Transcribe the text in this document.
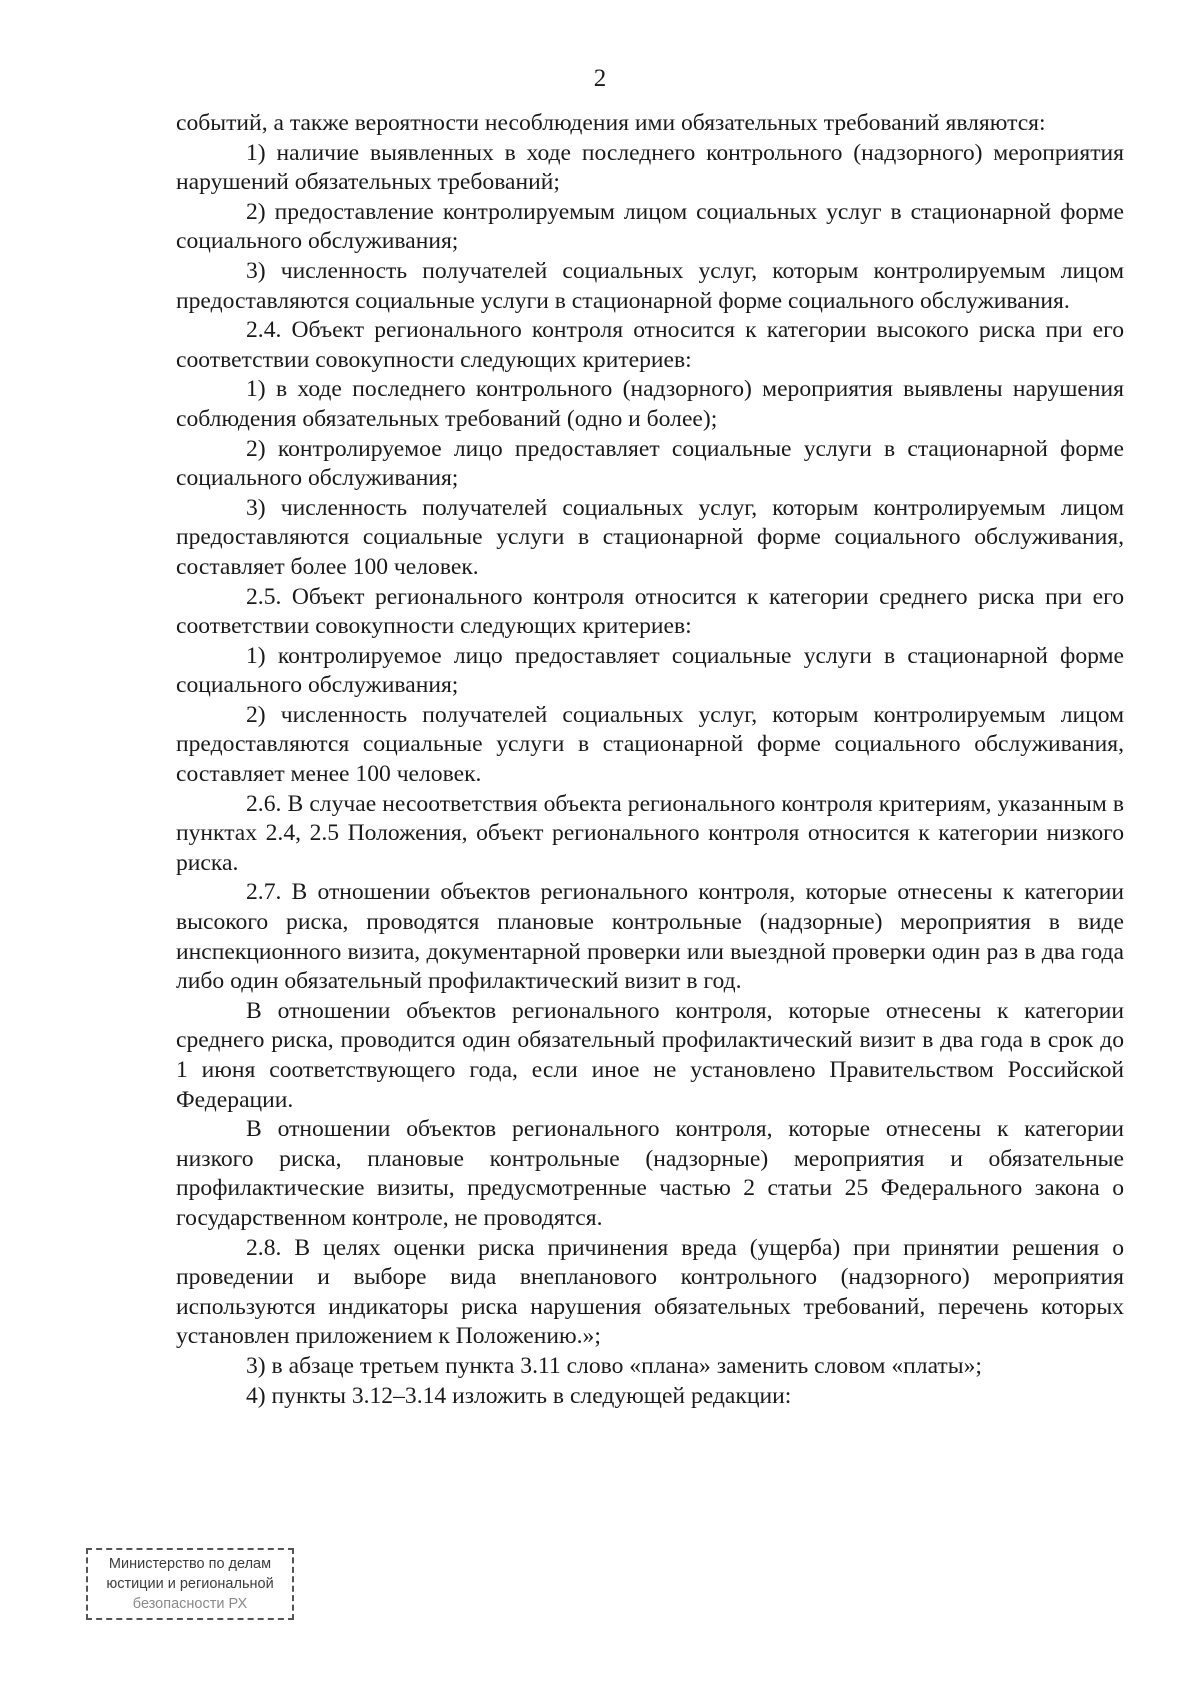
2

событий, а также вероятности несоблюдения ими обязательных требований являются:

1) наличие выявленных в ходе последнего контрольного (надзорного) мероприятия нарушений обязательных требований;

2) предоставление контролируемым лицом социальных услуг в стационарной форме социального обслуживания;

3) численность получателей социальных услуг, которым контролируемым лицом предоставляются социальные услуги в стационарной форме социального обслуживания.

2.4. Объект регионального контроля относится к категории высокого риска при его соответствии совокупности следующих критериев:

1) в ходе последнего контрольного (надзорного) мероприятия выявлены нарушения соблюдения обязательных требований (одно и более);

2) контролируемое лицо предоставляет социальные услуги в стационарной форме социального обслуживания;

3) численность получателей социальных услуг, которым контролируемым лицом предоставляются социальные услуги в стационарной форме социального обслуживания, составляет более 100 человек.

2.5. Объект регионального контроля относится к категории среднего риска при его соответствии совокупности следующих критериев:

1) контролируемое лицо предоставляет социальные услуги в стационарной форме социального обслуживания;

2) численность получателей социальных услуг, которым контролируемым лицом предоставляются социальные услуги в стационарной форме социального обслуживания, составляет менее 100 человек.

2.6. В случае несоответствия объекта регионального контроля критериям, указанным в пунктах 2.4, 2.5 Положения, объект регионального контроля относится к категории низкого риска.

2.7. В отношении объектов регионального контроля, которые отнесены к категории высокого риска, проводятся плановые контрольные (надзорные) мероприятия в виде инспекционного визита, документарной проверки или выездной проверки один раз в два года либо один обязательный профилактический визит в год.

В отношении объектов регионального контроля, которые отнесены к категории среднего риска, проводится один обязательный профилактический визит в два года в срок до 1 июня соответствующего года, если иное не установлено Правительством Российской Федерации.

В отношении объектов регионального контроля, которые отнесены к категории низкого риска, плановые контрольные (надзорные) мероприятия и обязательные профилактические визиты, предусмотренные частью 2 статьи 25 Федерального закона о государственном контроле, не проводятся.

2.8. В целях оценки риска причинения вреда (ущерба) при принятии решения о проведении и выборе вида внепланового контрольного (надзорного) мероприятия используются индикаторы риска нарушения обязательных требований, перечень которых установлен приложением к Положению.»;

3) в абзаце третьем пункта 3.11 слово «плана» заменить словом «платы»;

4) пункты 3.12–3.14 изложить в следующей редакции:

Министерство по делам
юстиции и региональной
безопасности РХ
